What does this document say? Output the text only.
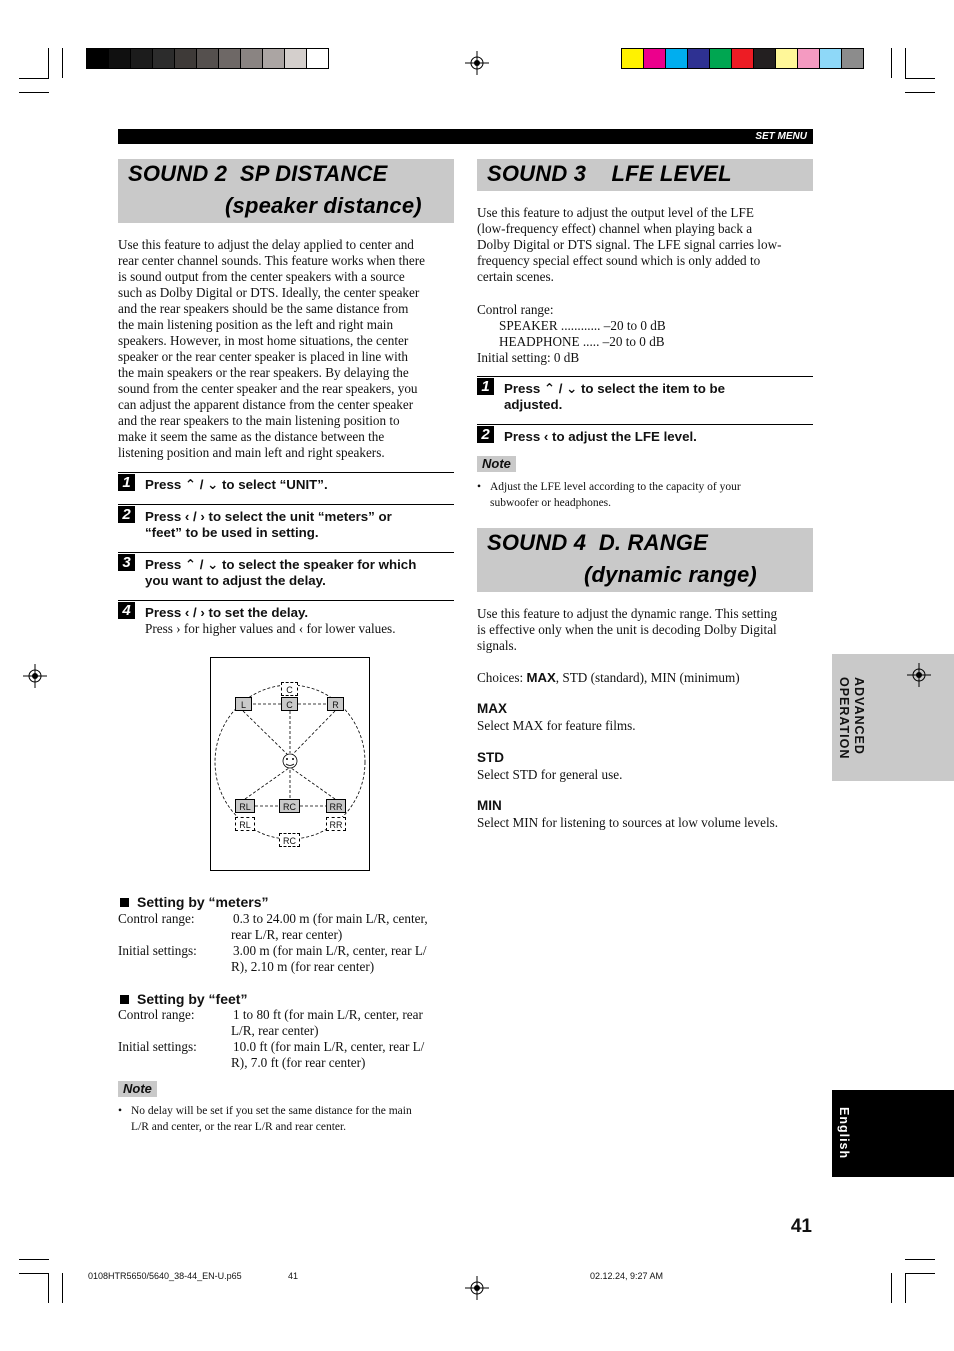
SET MENU
SOUND 2  SP DISTANCE
(speaker distance)
Use this feature to adjust the delay applied to center and
rear center channel sounds. This feature works when there
is sound output from the center speakers with a source
such as Dolby Digital or DTS. Ideally, the center speaker
and the rear speakers should be the same distance from
the main listening position as the left and right main
speakers. However, in most home situations, the center
speaker or the rear center speaker is placed in line with
the main speakers or the rear speakers. By delaying the
sound from the center speaker and the rear speakers, you
can adjust the apparent distance from the center speaker
and the rear speakers to the main listening position to
make it seem the same as the distance between the
listening position and main left and right speakers.
1	Press ⌃ / ⌄ to select “UNIT”.
2	Press ‹ / › to select the unit “meters” or
“feet” to be used in setting.
3	Press ⌃ / ⌄ to select the speaker for which
you want to adjust the delay.
4	Press ‹ / › to set the delay.
Press › for higher values and ‹ for lower values.
C
L	C	R
RL	RC	RR
RL	RR
RC
Setting by “meters”
Control range:	0.3 to 24.00 m (for main L/R, center,
rear L/R, rear center)
Initial settings:	3.00 m (for main L/R, center, rear L/
R), 2.10 m (for rear center)
Setting by “feet”
Control range:	1 to 80 ft (for main L/R, center, rear
L/R, rear center)
Initial settings:	10.0 ft (for main L/R, center, rear L/
R), 7.0 ft (for rear center)
Note
• No delay will be set if you set the same distance for the main
L/R and center, or the rear L/R and rear center.
SOUND 3    LFE LEVEL
Use this feature to adjust the output level of the LFE
(low-frequency effect) channel when playing back a
Dolby Digital or DTS signal. The LFE signal carries low-
frequency special effect sound which is only added to
certain scenes.
Control range:
SPEAKER ............ –20 to 0 dB
HEADPHONE ..... –20 to 0 dB
Initial setting: 0 dB
1	Press ⌃ / ⌄ to select the item to be
adjusted.
2	Press ‹ to adjust the LFE level.
Note
• Adjust the LFE level according to the capacity of your
subwoofer or headphones.
SOUND 4  D. RANGE
(dynamic range)
Use this feature to adjust the dynamic range. This setting
is effective only when the unit is decoding Dolby Digital
signals.
Choices: MAX, STD (standard), MIN (minimum)
MAX
Select MAX for feature films.
STD
Select STD for general use.
MIN
Select MIN for listening to sources at low volume levels.
ADVANCED
OPERATION
English
41
0108HTR5650/5640_38-44_EN-U.p65	41	02.12.24, 9:27 AM
